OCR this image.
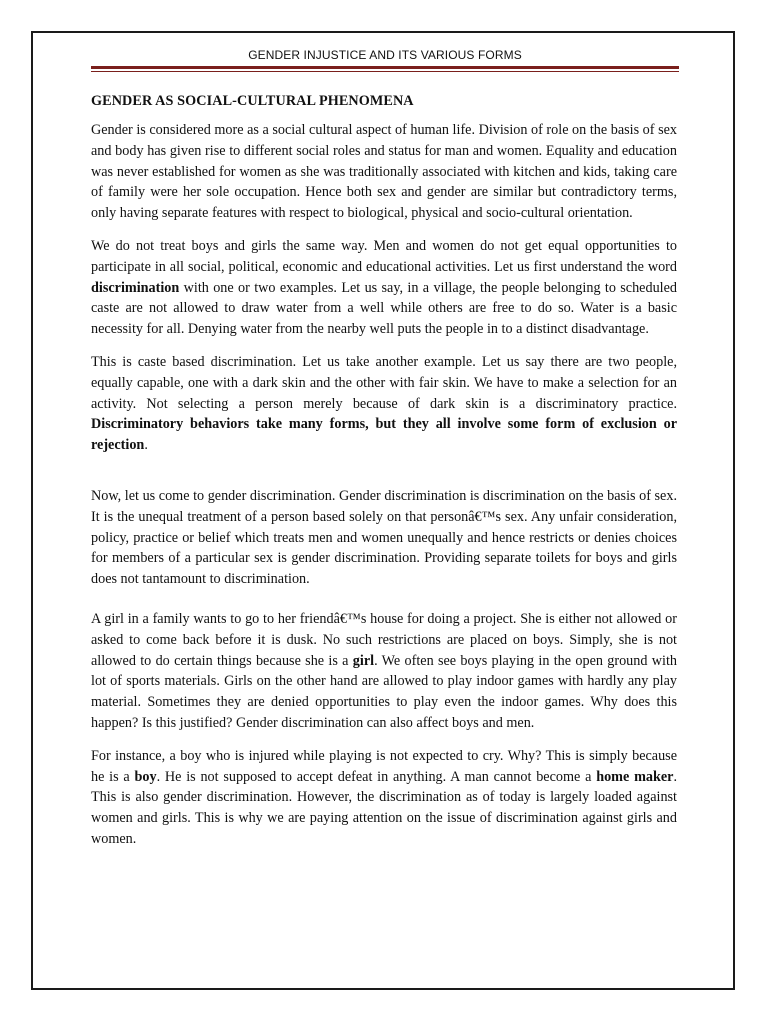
GENDER INJUSTICE AND ITS VARIOUS FORMS
GENDER AS SOCIAL-CULTURAL PHENOMENA

Gender is considered more as a social cultural aspect of human life. Division of role on the basis of sex and body has given rise to different social roles and status for man and women. Equality and education was never established for women as she was traditionally associated with kitchen and kids, taking care of family were her sole occupation. Hence both sex and gender are similar but contradictory terms, only having separate features with respect to biological, physical and socio-cultural orientation.

We do not treat boys and girls the same way. Men and women do not get equal opportunities to participate in all social, political, economic and educational activities. Let us first understand the word discrimination with one or two examples. Let us say, in a village, the people belonging to scheduled caste are not allowed to draw water from a well while others are free to do so. Water is a basic necessity for all. Denying water from the nearby well puts the people in to a distinct disadvantage.

This is caste based discrimination. Let us take another example. Let us say there are two people, equally capable, one with a dark skin and the other with fair skin. We have to make a selection for an activity. Not selecting a person merely because of dark skin is a discriminatory practice. Discriminatory behaviors take many forms, but they all involve some form of exclusion or rejection.

Now, let us come to gender discrimination. Gender discrimination is discrimination on the basis of sex. It is the unequal treatment of a person based solely on that personâ€™s sex. Any unfair consideration, policy, practice or belief which treats men and women unequally and hence restricts or denies choices for members of a particular sex is gender discrimination. Providing separate toilets for boys and girls does not tantamount to discrimination.

A girl in a family wants to go to her friendâ€™s house for doing a project. She is either not allowed or asked to come back before it is dusk. No such restrictions are placed on boys. Simply, she is not allowed to do certain things because she is a girl. We often see boys playing in the open ground with lot of sports materials. Girls on the other hand are allowed to play indoor games with hardly any play material. Sometimes they are denied opportunities to play even the indoor games. Why does this happen? Is this justified? Gender discrimination can also affect boys and men.

For instance, a boy who is injured while playing is not expected to cry. Why? This is simply because he is a boy. He is not supposed to accept defeat in anything. A man cannot become a home maker. This is also gender discrimination. However, the discrimination as of today is largely loaded against women and girls. This is why we are paying attention on the issue of discrimination against girls and women.
